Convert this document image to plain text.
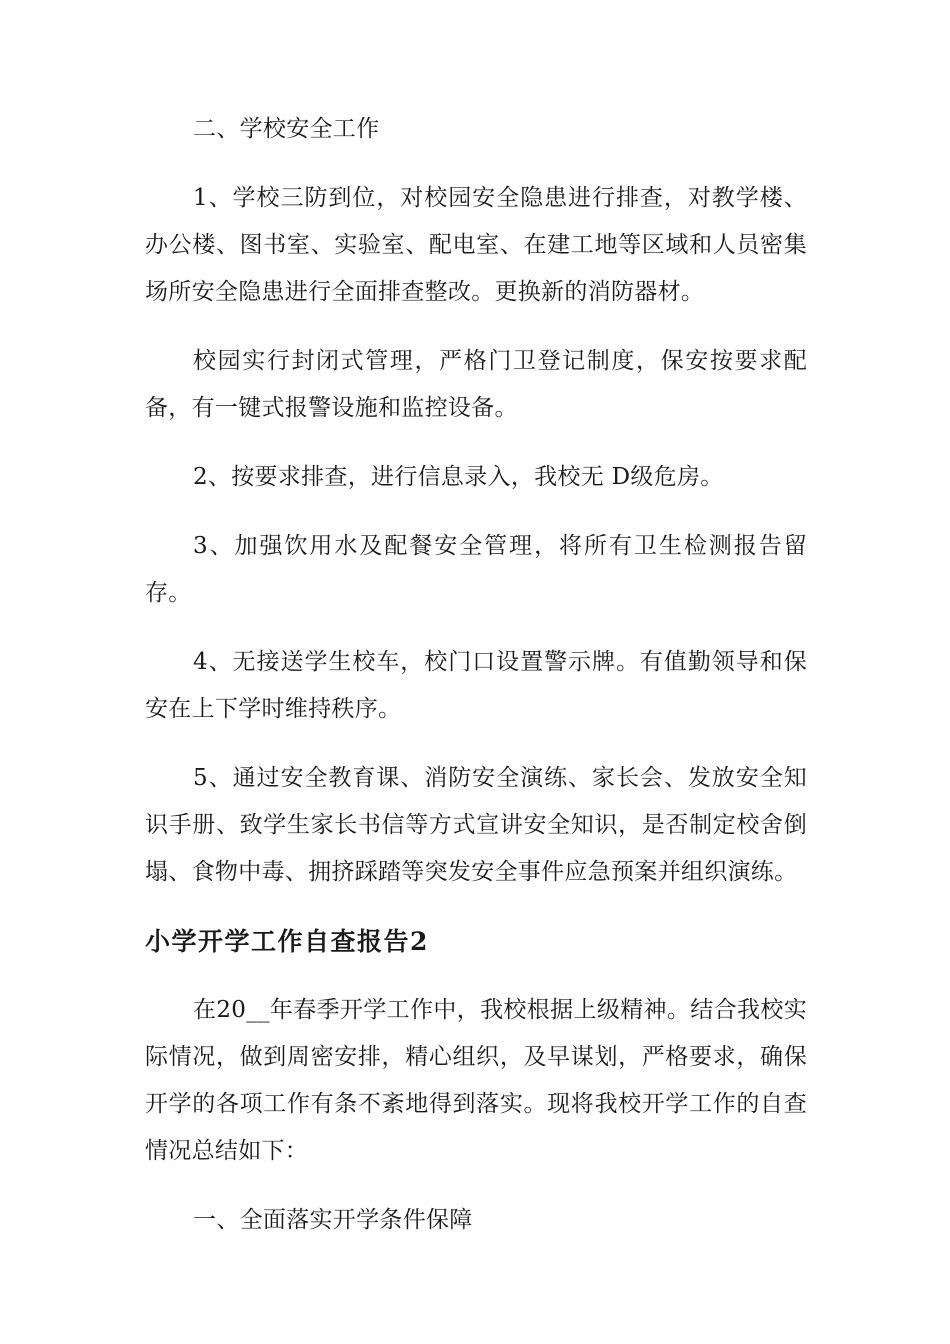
二、学校安全工作

1、学校三防到位，对校园安全隐患进行排查，对教学楼、办公楼、图书室、实验室、配电室、在建工地等区域和人员密集场所安全隐患进行全面排查整改。更换新的消防器材。

校园实行封闭式管理，严格门卫登记制度，保安按要求配备，有一键式报警设施和监控设备。

2、按要求排查，进行信息录入，我校无 D级危房。

3、加强饮用水及配餐安全管理，将所有卫生检测报告留存。

4、无接送学生校车，校门口设置警示牌。有值勤领导和保安在上下学时维持秩序。

5、通过安全教育课、消防安全演练、家长会、发放安全知识手册、致学生家长书信等方式宣讲安全知识，是否制定校舍倒塌、食物中毒、拥挤踩踏等突发安全事件应急预案并组织演练。

小学开学工作自查报告2

在20__年春季开学工作中，我校根据上级精神。结合我校实际情况，做到周密安排，精心组织，及早谋划，严格要求，确保开学的各项工作有条不紊地得到落实。现将我校开学工作的自查情况总结如下：

一、全面落实开学条件保障
